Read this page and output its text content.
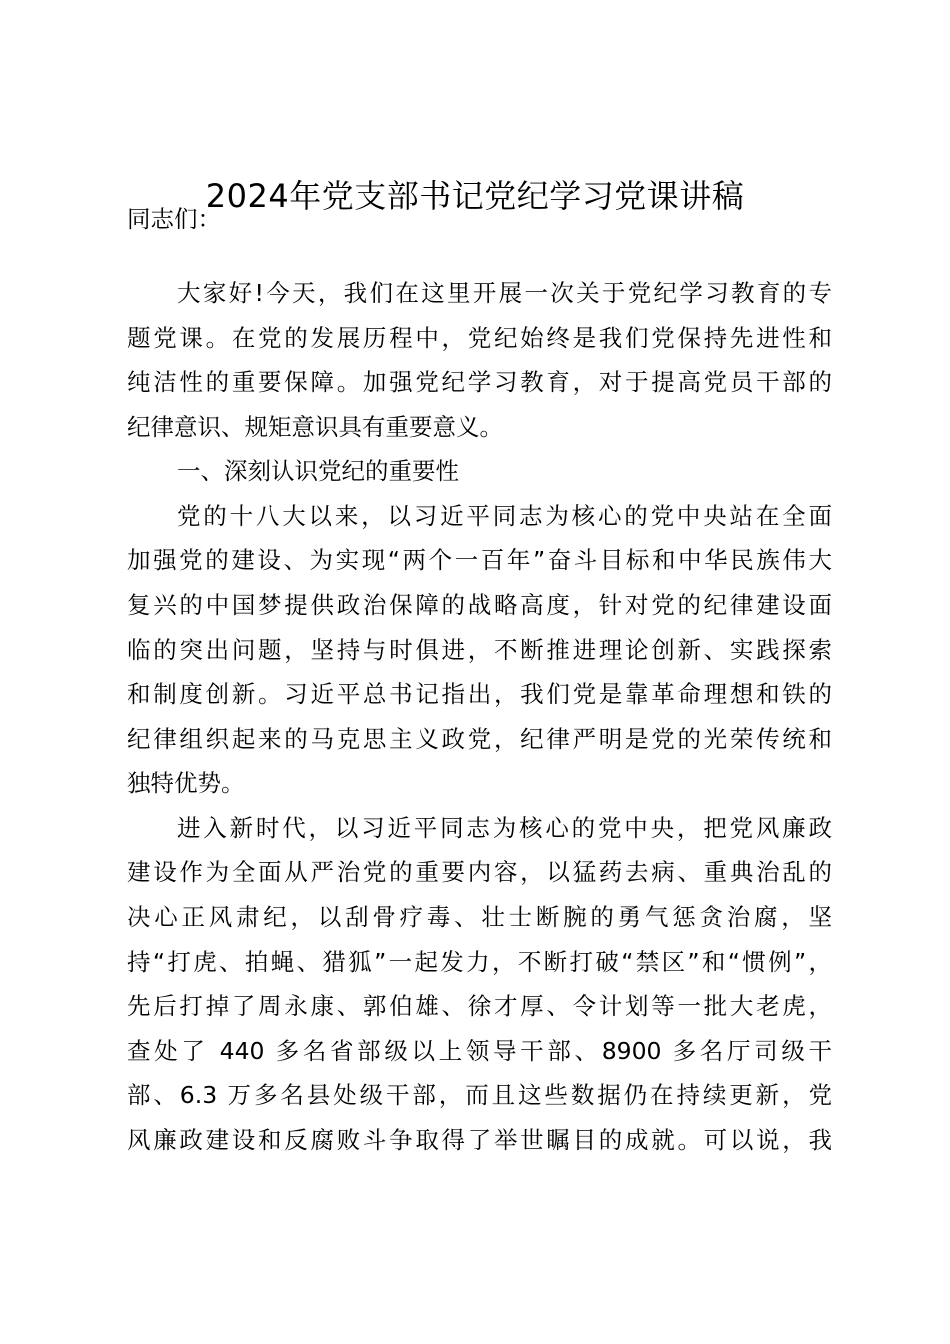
2024年党支部书记党纪学习党课讲稿
同志们：
大家好!今天，我们在这里开展一次关于党纪学习教育的专
题党课。在党的发展历程中，党纪始终是我们党保持先进性和
纯洁性的重要保障。加强党纪学习教育，对于提高党员干部的
纪律意识、规矩意识具有重要意义。
一、深刻认识党纪的重要性
党的十八大以来，以习近平同志为核心的党中央站在全面
加强党的建设、为实现“两个一百年”奋斗目标和中华民族伟大
复兴的中国梦提供政治保障的战略高度，针对党的纪律建设面
临的突出问题，坚持与时俱进，不断推进理论创新、实践探索
和制度创新。习近平总书记指出，我们党是靠革命理想和铁的
纪律组织起来的马克思主义政党，纪律严明是党的光荣传统和
独特优势。
进入新时代，以习近平同志为核心的党中央，把党风廉政
建设作为全面从严治党的重要内容，以猛药去病、重典治乱的
决心正风肃纪，以刮骨疗毒、壮士断腕的勇气惩贪治腐，坚
持“打虎、拍蝇、猎狐”一起发力，不断打破“禁区”和“惯例”，
先后打掉了周永康、郭伯雄、徐才厚、令计划等一批大老虎，
查处了 440 多名省部级以上领导干部、8900 多名厅司级干
部、6.3 万多名县处级干部，而且这些数据仍在持续更新，党
风廉政建设和反腐败斗争取得了举世瞩目的成就。可以说，我
